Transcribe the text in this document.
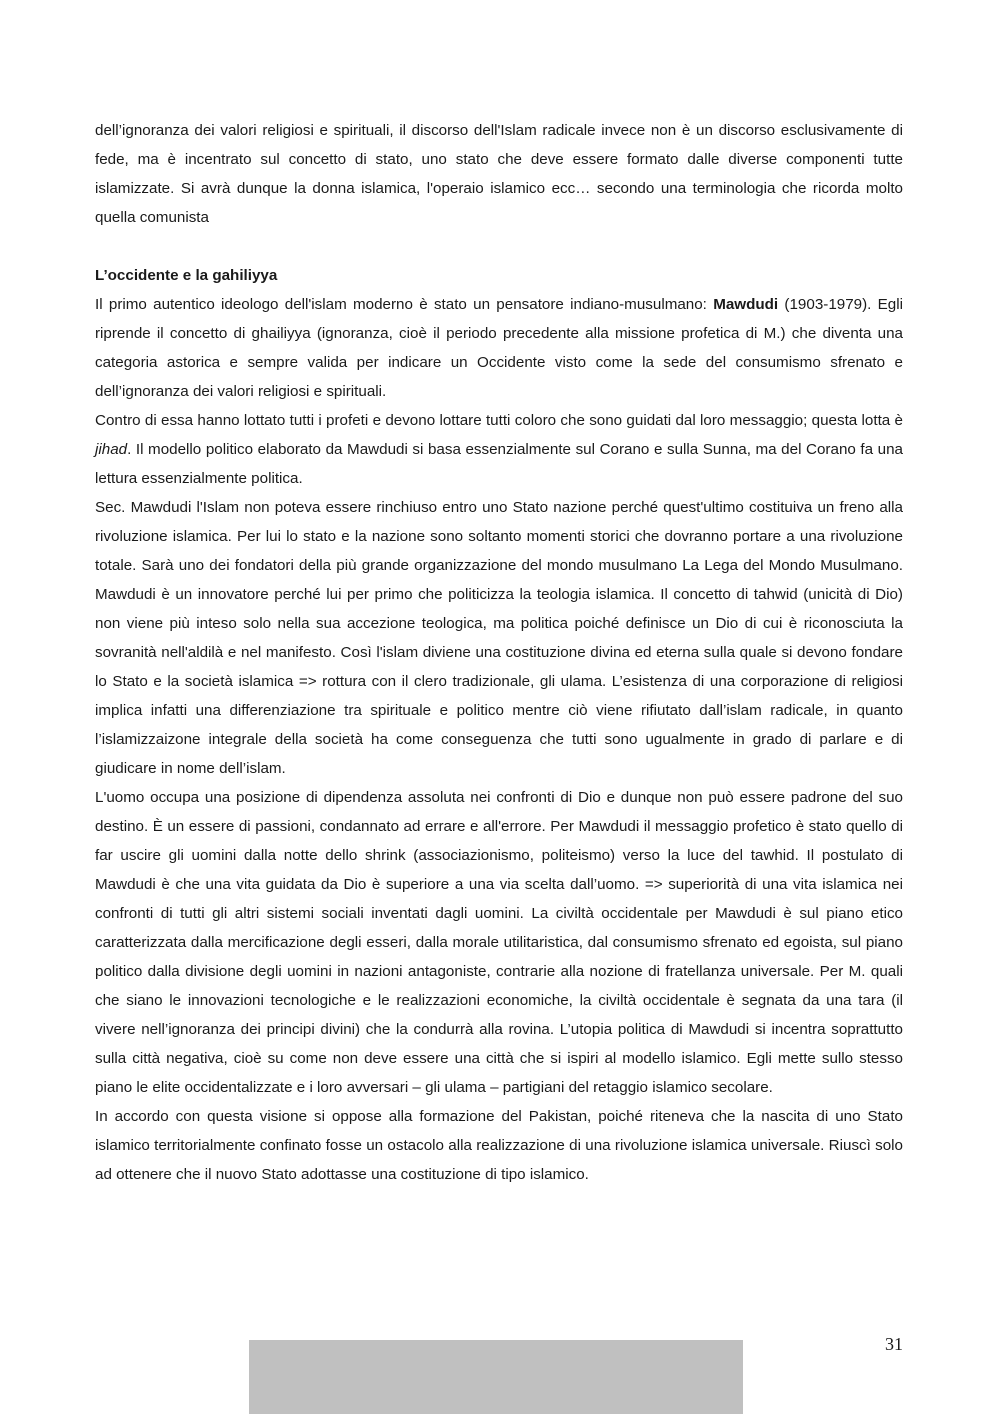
dell’ignoranza dei valori religiosi e spirituali, il discorso dell'Islam radicale invece non è un discorso esclusivamente di fede, ma è incentrato sul concetto di stato, uno stato che deve essere formato dalle diverse componenti tutte islamizzate. Si avrà dunque la donna islamica, l'operaio islamico ecc… secondo una terminologia che ricorda molto quella comunista

L’occidente e la gahiliyya

Il primo autentico ideologo dell'islam moderno è stato un pensatore indiano-musulmano: Mawdudi (1903-1979). Egli riprende il concetto di ghailiyya (ignoranza, cioè il periodo precedente alla missione profetica di M.) che diventa una categoria astorica e sempre valida per indicare un Occidente visto come la sede del consumismo sfrenato e dell’ignoranza dei valori religiosi e spirituali.

Contro di essa hanno lottato tutti i profeti e devono lottare tutti coloro che sono guidati dal loro messaggio; questa lotta è jihad. Il modello politico elaborato da Mawdudi si basa essenzialmente sul Corano e sulla Sunna, ma del Corano fa una lettura essenzialmente politica.

Sec. Mawdudi l'Islam non poteva essere rinchiuso entro uno Stato nazione perché quest'ultimo costituiva un freno alla rivoluzione islamica. Per lui lo stato e la nazione sono soltanto momenti storici che dovranno portare a una rivoluzione totale. Sarà uno dei fondatori della più grande organizzazione del mondo musulmano La Lega del Mondo Musulmano. Mawdudi è un innovatore perché lui per primo che politicizza la teologia islamica. Il concetto di tahwid (unicità di Dio) non viene più inteso solo nella sua accezione teologica, ma politica poiché definisce un Dio di cui è riconosciuta la sovranità nell'aldilà e nel manifesto. Così l'islam diviene una costituzione divina ed eterna sulla quale si devono fondare lo Stato e la società islamica => rottura con il clero tradizionale, gli ulama. L’esistenza di una corporazione di religiosi implica infatti una differenziazione tra spirituale e politico mentre ciò viene rifiutato dall’islam radicale, in quanto l’islamizzaizone integrale della società ha come conseguenza che tutti sono ugualmente in grado di parlare e di giudicare in nome dell’islam.

L'uomo occupa una posizione di dipendenza assoluta nei confronti di Dio e dunque non può essere padrone del suo destino. È un essere di passioni, condannato ad errare e all'errore. Per Mawdudi il messaggio profetico è stato quello di far uscire gli uomini dalla notte dello shrink (associazionismo, politeismo) verso la luce del tawhid. Il postulato di Mawdudi è che una vita guidata da Dio è superiore a una via scelta dall’uomo. => superiorità di una vita islamica nei confronti di tutti gli altri sistemi sociali inventati dagli uomini. La civiltà occidentale per Mawdudi è sul piano etico caratterizzata dalla mercificazione degli esseri, dalla morale utilitaristica, dal consumismo sfrenato ed egoista, sul piano politico dalla divisione degli uomini in nazioni antagoniste, contrarie alla nozione di fratellanza universale. Per M. quali che siano le innovazioni tecnologiche e le realizzazioni economiche, la civiltà occidentale è segnata da una tara (il vivere nell’ignoranza dei principi divini) che la condurrà alla rovina. L’utopia politica di Mawdudi si incentra soprattutto sulla città negativa, cioè su come non deve essere una città che si ispiri al modello islamico. Egli mette sullo stesso piano le elite occidentalizzate e i loro avversari – gli ulama – partigiani del retaggio islamico secolare.

In accordo con questa visione si oppose alla formazione del Pakistan, poiché riteneva che la nascita di uno Stato islamico territorialmente confinato fosse un ostacolo alla realizzazione di una rivoluzione islamica universale. Riuscì solo ad ottenere che il nuovo Stato adottasse una costituzione di tipo islamico.

31
